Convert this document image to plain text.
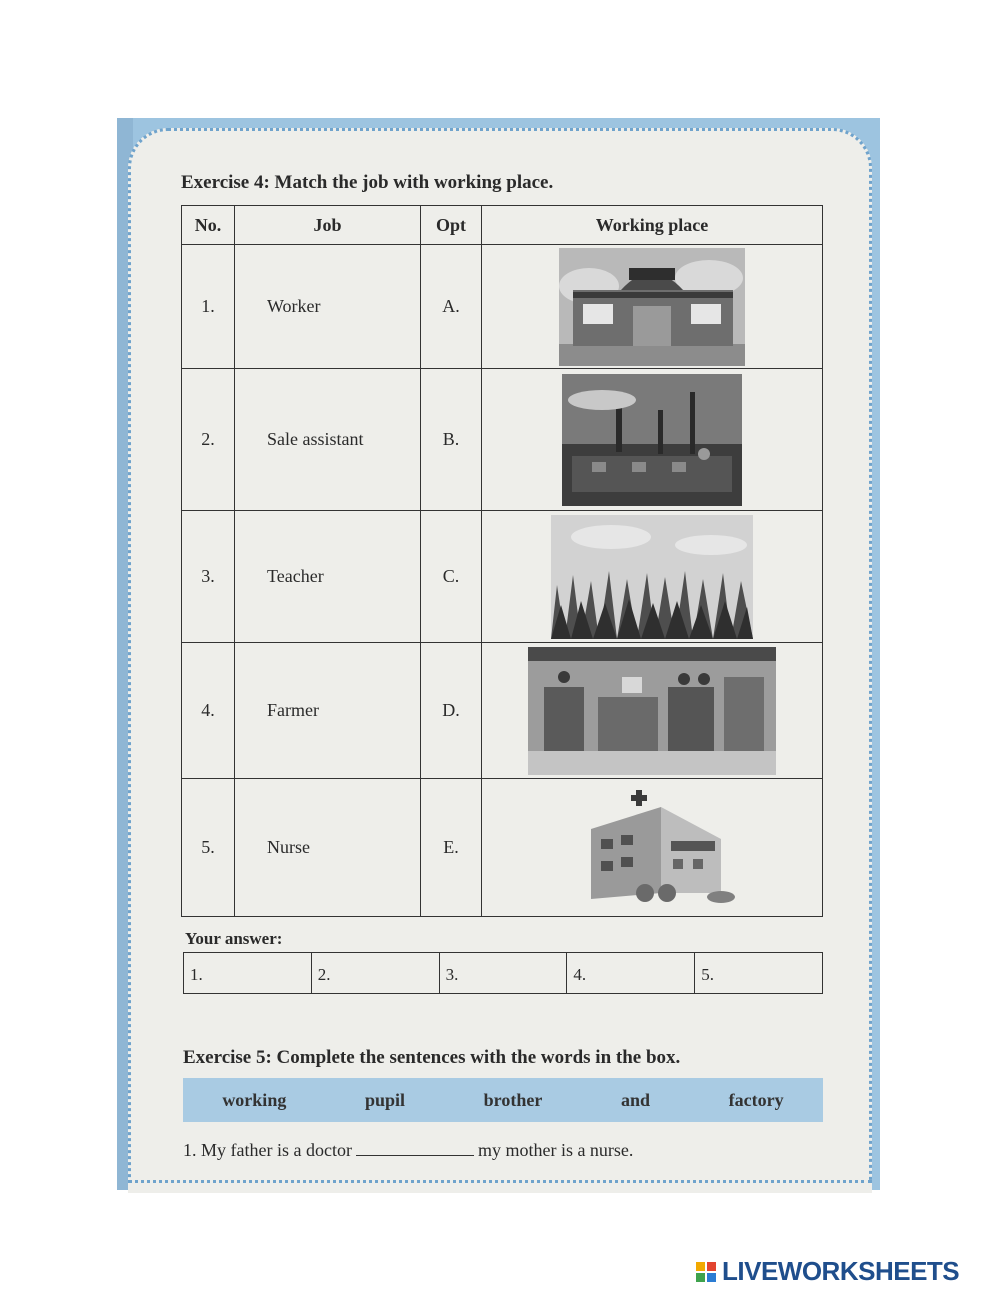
Exercise 4: Match the job with working place.
No.	Job	Opt	Working place
1.	Worker	A.	
2.	Sale assistant	B.	
3.	Teacher	C.	
4.	Farmer	D.	
5.	Nurse	E.	
Your answer:
1.	2.	3.	4.	5.
Exercise 5: Complete the sentences with the words in the box.
working	pupil	brother	and	factory
1. My father is a doctor	my mother is a nurse.
LIVEWORKSHEETS
